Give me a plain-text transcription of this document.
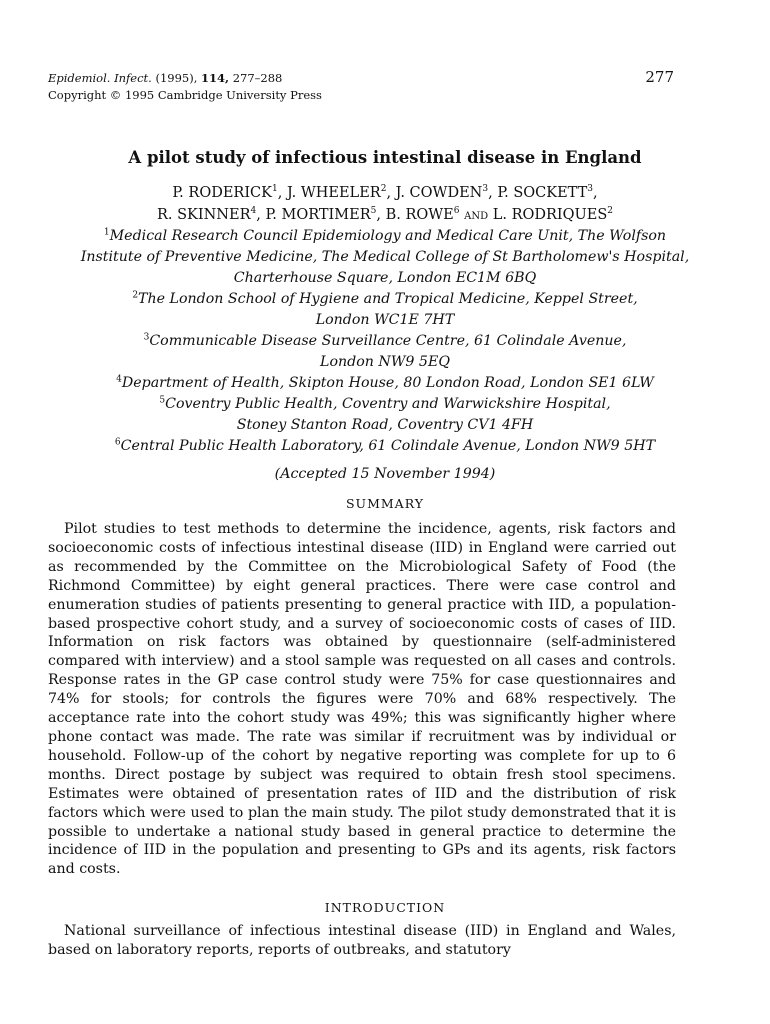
Epidemiol. Infect. (1995), 114, 277–288
Copyright © 1995 Cambridge University Press
277
A pilot study of infectious intestinal disease in England
P. RODERICK$^1$, J. WHEELER$^2$, J. COWDEN$^3$, P. SOCKETT$^3$,
R. SKINNER$^4$, P. MORTIMER$^5$, B. ROWE$^6$ and L. RODRIQUES$^2$

$^1$Medical Research Council Epidemiology and Medical Care Unit, The Wolfson

Institute of Preventive Medicine, The Medical College of St Bartholomew's Hospital,

Charterhouse Square, London EC1M 6BQ

$^2$The London School of Hygiene and Tropical Medicine, Keppel Street,

London WC1E 7HT

$^3$Communicable Disease Surveillance Centre, 61 Colindale Avenue,

London NW9 5EQ

$^4$Department of Health, Skipton House, 80 London Road, London SE1 6LW

$^5$Coventry Public Health, Coventry and Warwickshire Hospital,

Stoney Stanton Road, Coventry CV1 4FH

$^6$Central Public Health Laboratory, 61 Colindale Avenue, London NW9 5HT

(Accepted 15 November 1994)
SUMMARY

Pilot studies to test methods to determine the incidence, agents, risk factors and socioeconomic costs of infectious intestinal disease (IID) in England were carried out as recommended by the Committee on the Microbiological Safety of Food (the Richmond Committee) by eight general practices. There were case control and enumeration studies of patients presenting to general practice with IID, a population-based prospective cohort study, and a survey of socioeconomic costs of cases of IID. Information on risk factors was obtained by questionnaire (self-administered compared with interview) and a stool sample was requested on all cases and controls. Response rates in the GP case control study were 75% for case questionnaires and 74% for stools; for controls the figures were 70% and 68% respectively. The acceptance rate into the cohort study was 49%; this was significantly higher where phone contact was made. The rate was similar if recruitment was by individual or household. Follow-up of the cohort by negative reporting was complete for up to 6 months. Direct postage by subject was required to obtain fresh stool specimens. Estimates were obtained of presentation rates of IID and the distribution of risk factors which were used to plan the main study. The pilot study demonstrated that it is possible to undertake a national study based in general practice to determine the incidence of IID in the population and presenting to GPs and its agents, risk factors and costs.

INTRODUCTION

National surveillance of infectious intestinal disease (IID) in England and Wales, based on laboratory reports, reports of outbreaks, and statutory
